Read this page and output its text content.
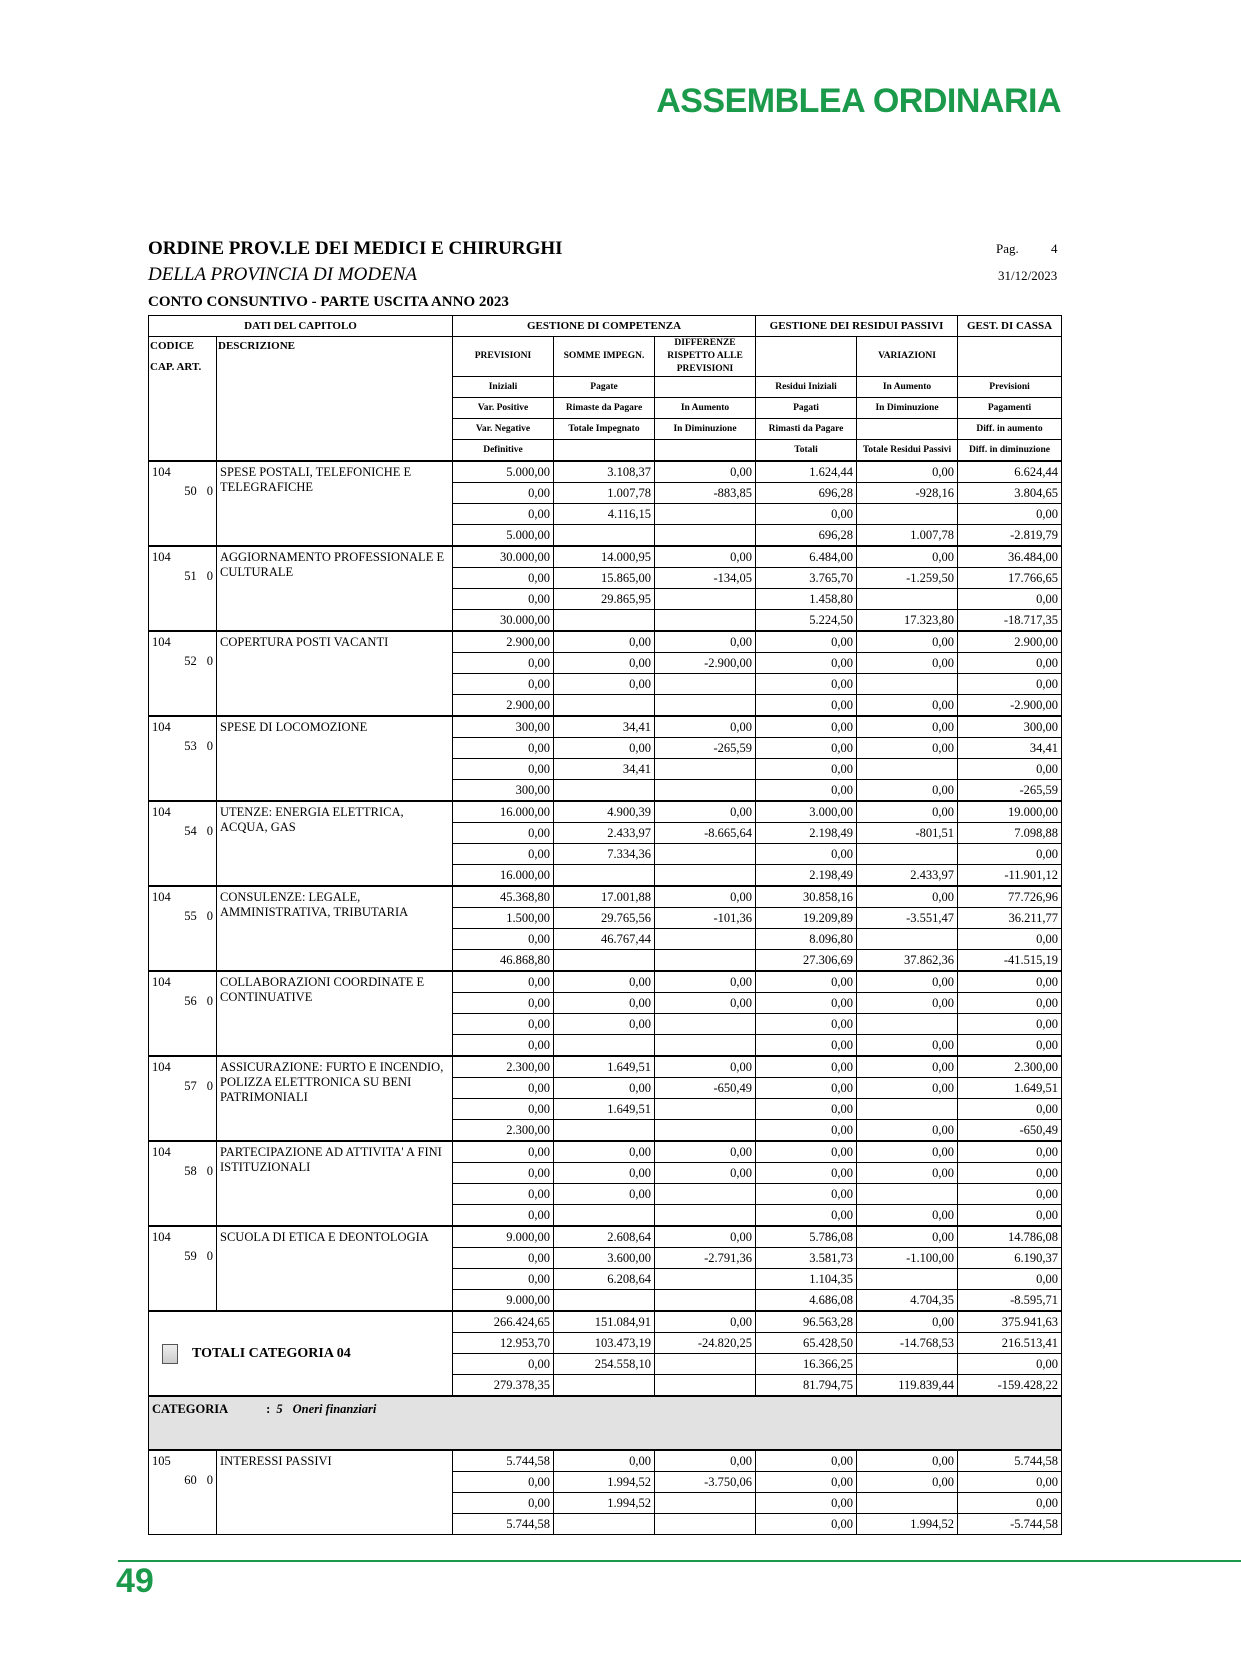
ASSEMBLEA ORDINARIA
ORDINE PROV.LE DEI MEDICI E CHIRURGHI
DELLA PROVINCIA DI MODENA
Pag. 4
31/12/2023
CONTO CONSUNTIVO - PARTE USCITA ANNO 2023
DATI DEL CAPITOLO		GESTIONE DI COMPETENZA			GESTIONE DEI RESIDUI PASSIVI		GEST. DI CASSA

CODICE
CAP. ART.	DESCRIZIONE	PREVISIONI	SOMME IMPEGN.	DIFFERENZE RISPETTO ALLE PREVISIONI		VARIAZIONI	
		Iniziali	Pagate		Residui Iniziali	In Aumento	Previsioni
		Var. Positive	Rimaste da Pagare	In Aumento	Pagati	In Diminuzione	Pagamenti
		Var. Negative	Totale Impegnato	In Diminuzione	Rimasti da Pagare		Diff. in aumento
		Definitive			Totali	Totale Residui Passivi	Diff. in diminuzione

104
50 0	SPESE POSTALI, TELEFONICHE E TELEGRAFICHE	5.000,00	3.108,37	0,00	1.624,44	0,00	6.624,44
		0,00	1.007,78	-883,85	696,28	-928,16	3.804,65
		0,00	4.116,15		0,00		0,00
		5.000,00			696,28	1.007,78	-2.819,79

104
51 0	AGGIORNAMENTO PROFESSIONALE E CULTURALE	30.000,00	14.000,95	0,00	6.484,00	0,00	36.484,00
		0,00	15.865,00	-134,05	3.765,70	-1.259,50	17.766,65
		0,00	29.865,95		1.458,80		0,00
		30.000,00			5.224,50	17.323,80	-18.717,35

104
52 0	COPERTURA POSTI VACANTI	2.900,00	0,00	0,00	0,00	0,00	2.900,00
		0,00	0,00	-2.900,00	0,00	0,00	0,00
		0,00	0,00		0,00		0,00
		2.900,00			0,00	0,00	-2.900,00

104
53 0	SPESE DI LOCOMOZIONE	300,00	34,41	0,00	0,00	0,00	300,00
		0,00	0,00	-265,59	0,00	0,00	34,41
		0,00	34,41		0,00		0,00
		300,00			0,00	0,00	-265,59

104
54 0	UTENZE: ENERGIA ELETTRICA, ACQUA, GAS	16.000,00	4.900,39	0,00	3.000,00	0,00	19.000,00
		0,00	2.433,97	-8.665,64	2.198,49	-801,51	7.098,88
		0,00	7.334,36		0,00		0,00
		16.000,00			2.198,49	2.433,97	-11.901,12

104
55 0	CONSULENZE: LEGALE, AMMINISTRATIVA, TRIBUTARIA	45.368,80	17.001,88	0,00	30.858,16	0,00	77.726,96
		1.500,00	29.765,56	-101,36	19.209,89	-3.551,47	36.211,77
		0,00	46.767,44		8.096,80		0,00
		46.868,80			27.306,69	37.862,36	-41.515,19

104
56 0	COLLABORAZIONI COORDINATE E CONTINUATIVE	0,00	0,00	0,00	0,00	0,00	0,00
		0,00	0,00	0,00	0,00	0,00	0,00
		0,00	0,00		0,00		0,00
		0,00			0,00	0,00	0,00

104
57 0	ASSICURAZIONE: FURTO E INCENDIO, POLIZZA ELETTRONICA SU BENI PATRIMONIALI	2.300,00	1.649,51	0,00	0,00	0,00	2.300,00
		0,00	0,00	-650,49	0,00	0,00	1.649,51
		0,00	1.649,51		0,00		0,00
		2.300,00			0,00	0,00	-650,49

104
58 0	PARTECIPAZIONE AD ATTIVITA' A FINI ISTITUZIONALI	0,00	0,00	0,00	0,00	0,00	0,00
		0,00	0,00	0,00	0,00	0,00	0,00
		0,00	0,00		0,00		0,00
		0,00			0,00	0,00	0,00

104
59 0	SCUOLA DI ETICA E DEONTOLOGIA	9.000,00	2.608,64	0,00	5.786,08	0,00	14.786,08
		0,00	3.600,00	-2.791,36	3.581,73	-1.100,00	6.190,37
		0,00	6.208,64		1.104,35		0,00
		9.000,00			4.686,08	4.704,35	-8.595,71

TOTALI CATEGORIA 04		266.424,65	151.084,91	0,00	96.563,28	0,00	375.941,63
		12.953,70	103.473,19	-24.820,25	65.428,50	-14.768,53	216.513,41
		0,00	254.558,10		16.366,25		0,00
		279.378,35			81.794,75	119.839,44	-159.428,22
CATEGORIA : 5 Oneri finanziari							

105
60 0	INTERESSI PASSIVI	5.744,58	0,00	0,00	0,00	0,00	5.744,58
		0,00	1.994,52	-3.750,06	0,00	0,00	0,00
		0,00	1.994,52		0,00		0,00
		5.744,58			0,00	1.994,52	-5.744,58
49
